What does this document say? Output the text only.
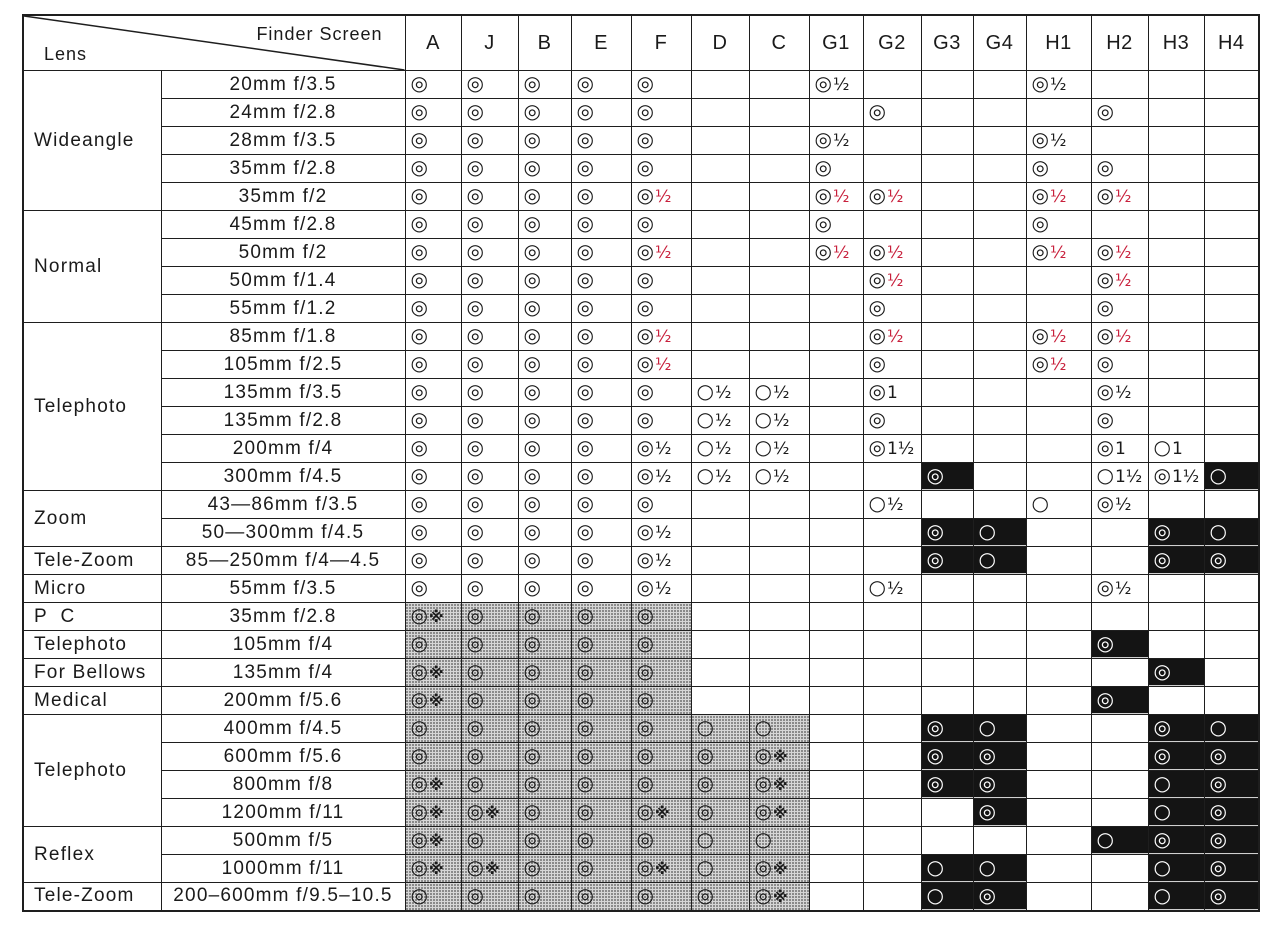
Finder Screen
Lens		A	J	B	E	F	D	C	G1	G2	G3	G4	H1	H2	H3	H4
Wideangle	20mm f/3.5	◎	◎	◎	◎	◎			◎½				◎½			
	24mm f/2.8	◎	◎	◎	◎	◎				◎				◎		
	28mm f/3.5	◎	◎	◎	◎	◎			◎½				◎½			
	35mm f/2.8	◎	◎	◎	◎	◎			◎				◎	◎		
	35mm f/2	◎	◎	◎	◎	◎½			◎½	◎½			◎½	◎½		
Normal	45mm f/2.8	◎	◎	◎	◎	◎			◎				◎			
	50mm f/2	◎	◎	◎	◎	◎½			◎½	◎½			◎½	◎½		
	50mm f/1.4	◎	◎	◎	◎	◎				◎½				◎½		
	55mm f/1.2	◎	◎	◎	◎	◎				◎				◎		
Telephoto	85mm f/1.8	◎	◎	◎	◎	◎½				◎½			◎½	◎½		
	105mm f/2.5	◎	◎	◎	◎	◎½				◎			◎½	◎		
	135mm f/3.5	◎	◎	◎	◎	◎	○½	○½		◎1				◎½		
	135mm f/2.8	◎	◎	◎	◎	◎	○½	○½		◎				◎		
	200mm f/4	◎	◎	◎	◎	◎½	○½	○½		◎1½				◎1	○1	
	300mm f/4.5	◎	◎	◎	◎	◎½	○½	○½			◎			○1½	◎1½	○
Zoom	43—86mm f/3.5	◎	◎	◎	◎	◎				○½			○	◎½		
	50—300mm f/4.5	◎	◎	◎	◎	◎½					◎	○			◎	○
Tele-Zoom	85—250mm f/4—4.5	◎	◎	◎	◎	◎½					◎	○			◎	◎
Micro	55mm f/3.5	◎	◎	◎	◎	◎½				○½				◎½		
P  C	35mm f/2.8	◎※	◎	◎	◎	◎										
Telephoto	105mm f/4	◎	◎	◎	◎	◎								◎		
For Bellows	135mm f/4	◎※	◎	◎	◎	◎									◎	
Medical	200mm f/5.6	◎※	◎	◎	◎	◎								◎		
Telephoto	400mm f/4.5	◎	◎	◎	◎	◎	○	○			◎	○			◎	○
	600mm f/5.6	◎	◎	◎	◎	◎	◎	◎※			◎	◎			◎	◎
	800mm f/8	◎※	◎	◎	◎	◎	◎	◎※			◎	◎			○	◎
	1200mm f/11	◎※	◎※	◎	◎	◎※	◎	◎※				◎			○	◎
Reflex	500mm f/5	◎※	◎	◎	◎	◎	○	○						○	◎	◎
	1000mm f/11	◎※	◎※	◎	◎	◎※	○	◎※			○	○			○	◎
Tele-Zoom	200–600mm f/9.5–10.5	◎	◎	◎	◎	◎	◎	◎※			○	◎			○	◎
